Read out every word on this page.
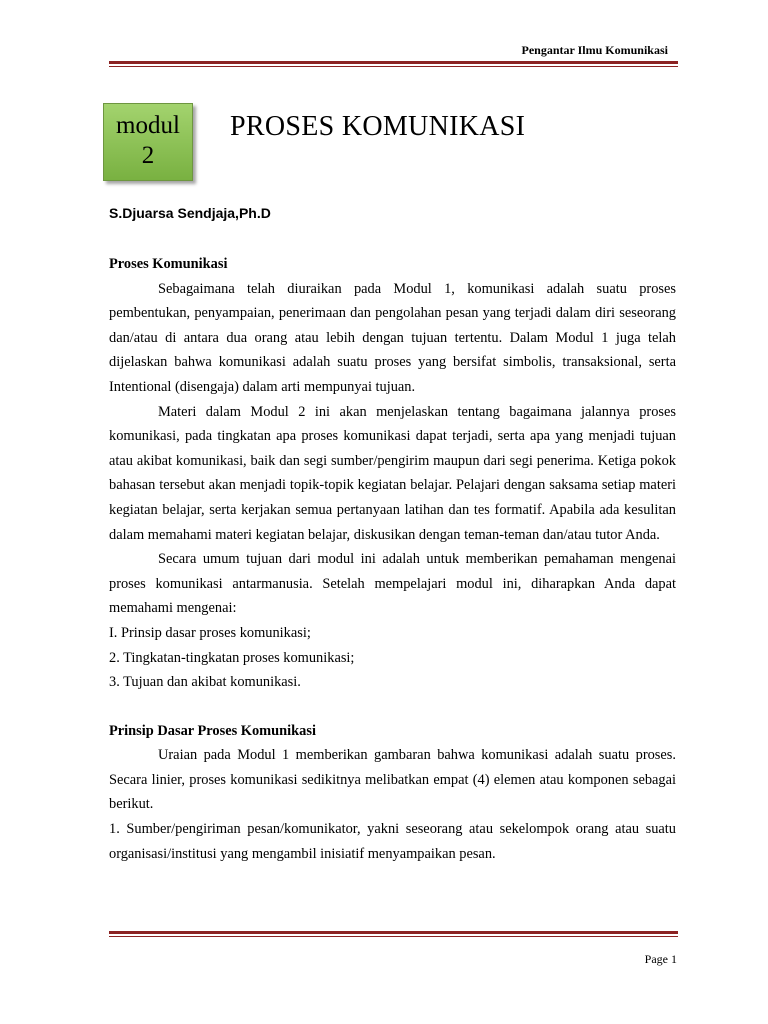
Pengantar Ilmu Komunikasi
modul
2
PROSES KOMUNIKASI

S.Djuarsa Sendjaja,Ph.D

Proses Komunikasi

Sebagaimana telah diuraikan pada Modul 1, komunikasi adalah suatu proses pembentukan, penyampaian, penerimaan dan pengolahan pesan yang terjadi dalam diri seseorang dan/atau di antara dua orang atau lebih dengan tujuan tertentu. Dalam Modul 1 juga telah dijelaskan bahwa komunikasi adalah suatu proses yang bersifat simbolis, transaksional, serta Intentional (disengaja) dalam arti mempunyai tujuan.

Materi dalam Modul 2 ini akan menjelaskan tentang bagaimana jalannya proses komunikasi, pada tingkatan apa proses komunikasi dapat terjadi, serta apa yang menjadi tujuan atau akibat komunikasi, baik dan segi sumber/pengirim maupun dari segi penerima. Ketiga pokok bahasan tersebut akan menjadi topik-topik kegiatan belajar. Pelajari dengan saksama setiap materi kegiatan belajar, serta kerjakan semua pertanyaan latihan dan tes formatif. Apabila ada kesulitan dalam memahami materi kegiatan belajar, diskusikan dengan teman-teman dan/atau tutor Anda.

Secara umum tujuan dari modul ini adalah untuk memberikan pemahaman mengenai proses komunikasi antarmanusia. Setelah mempelajari modul ini, diharapkan Anda dapat memahami mengenai:

I. Prinsip dasar proses komunikasi;

2. Tingkatan-tingkatan proses komunikasi;

3. Tujuan dan akibat komunikasi.

Prinsip Dasar Proses Komunikasi

Uraian pada Modul 1 memberikan gambaran bahwa komunikasi adalah suatu proses. Secara linier, proses komunikasi sedikitnya melibatkan empat (4) elemen atau komponen sebagai berikut.

1. Sumber/pengiriman pesan/komunikator, yakni seseorang atau sekelompok orang atau suatu organisasi/institusi yang mengambil inisiatif menyampaikan pesan.

Page 1
